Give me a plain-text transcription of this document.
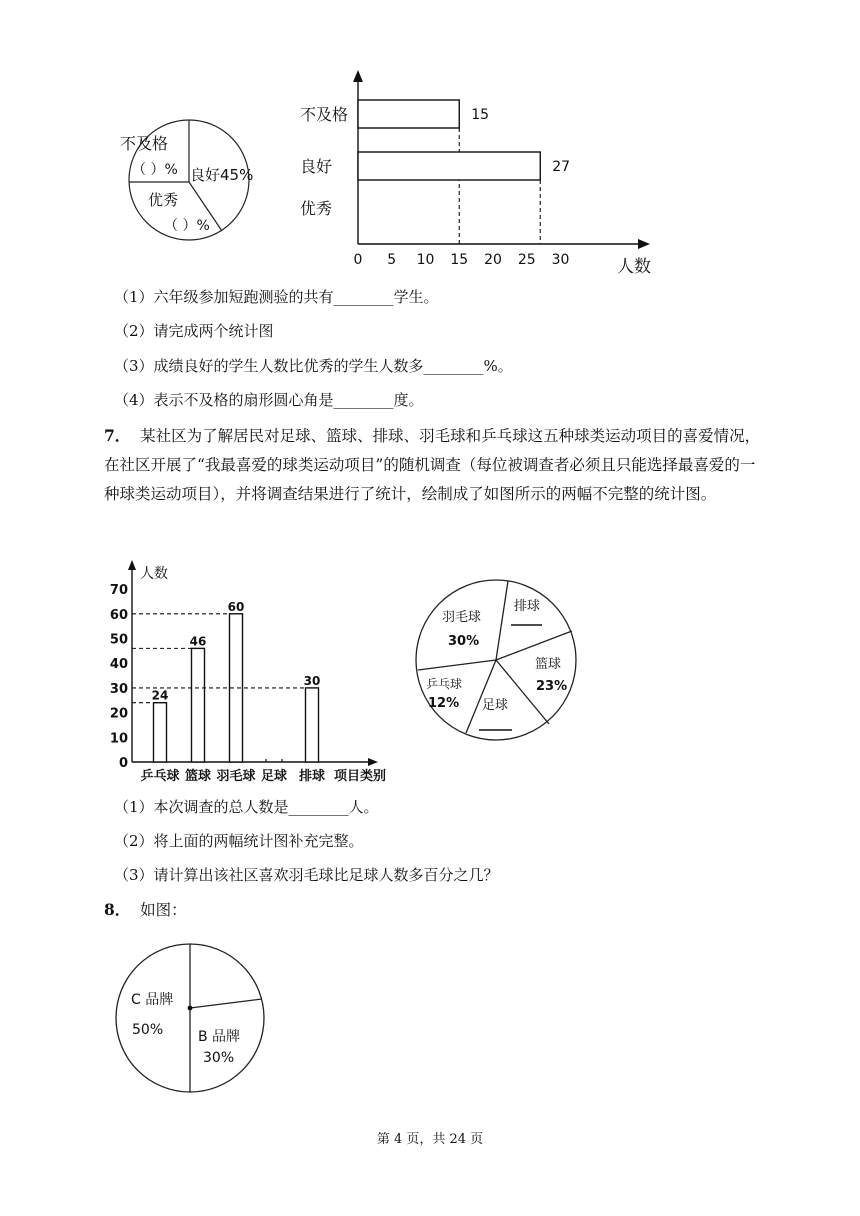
不及格
（ ）% 良好45%
优秀
（ ）%
0 5 10 15 20 25 30	人数
不及格	15
良好	27
优秀
（1）六年级参加短跑测验的共有________学生。
（2）请完成两个统计图
（3）成绩良好的学生人数比优秀的学生人数多________%。
（4）表示不及格的扇形圆心角是________度。
7． 某社区为了解居民对足球、篮球、排球、羽毛球和乒乓球这五种球类运动项目的喜爱情况，在社区开展了“我最喜爱的球类运动项目”的随机调查（每位被调查者必须且只能选择最喜爱的一种球类运动项目），并将调查结果进行了统计，绘制成了如图所示的两幅不完整的统计图。
人数
0
10
20
30
40
50
60
70
乒乓球
24
篮球
46
羽毛球
60
足球 排球
30
项目类别
羽毛球
30%
排球
篮球
23%
足球
乒乓球
12%
（1）本次调查的总人数是________人。
（2）将上面的两幅统计图补充完整。
（3）请计算出该社区喜欢羽毛球比足球人数多百分之几？
8． 如图：
C 品牌
50% B 品牌
30%
第 4 页，共 24 页
